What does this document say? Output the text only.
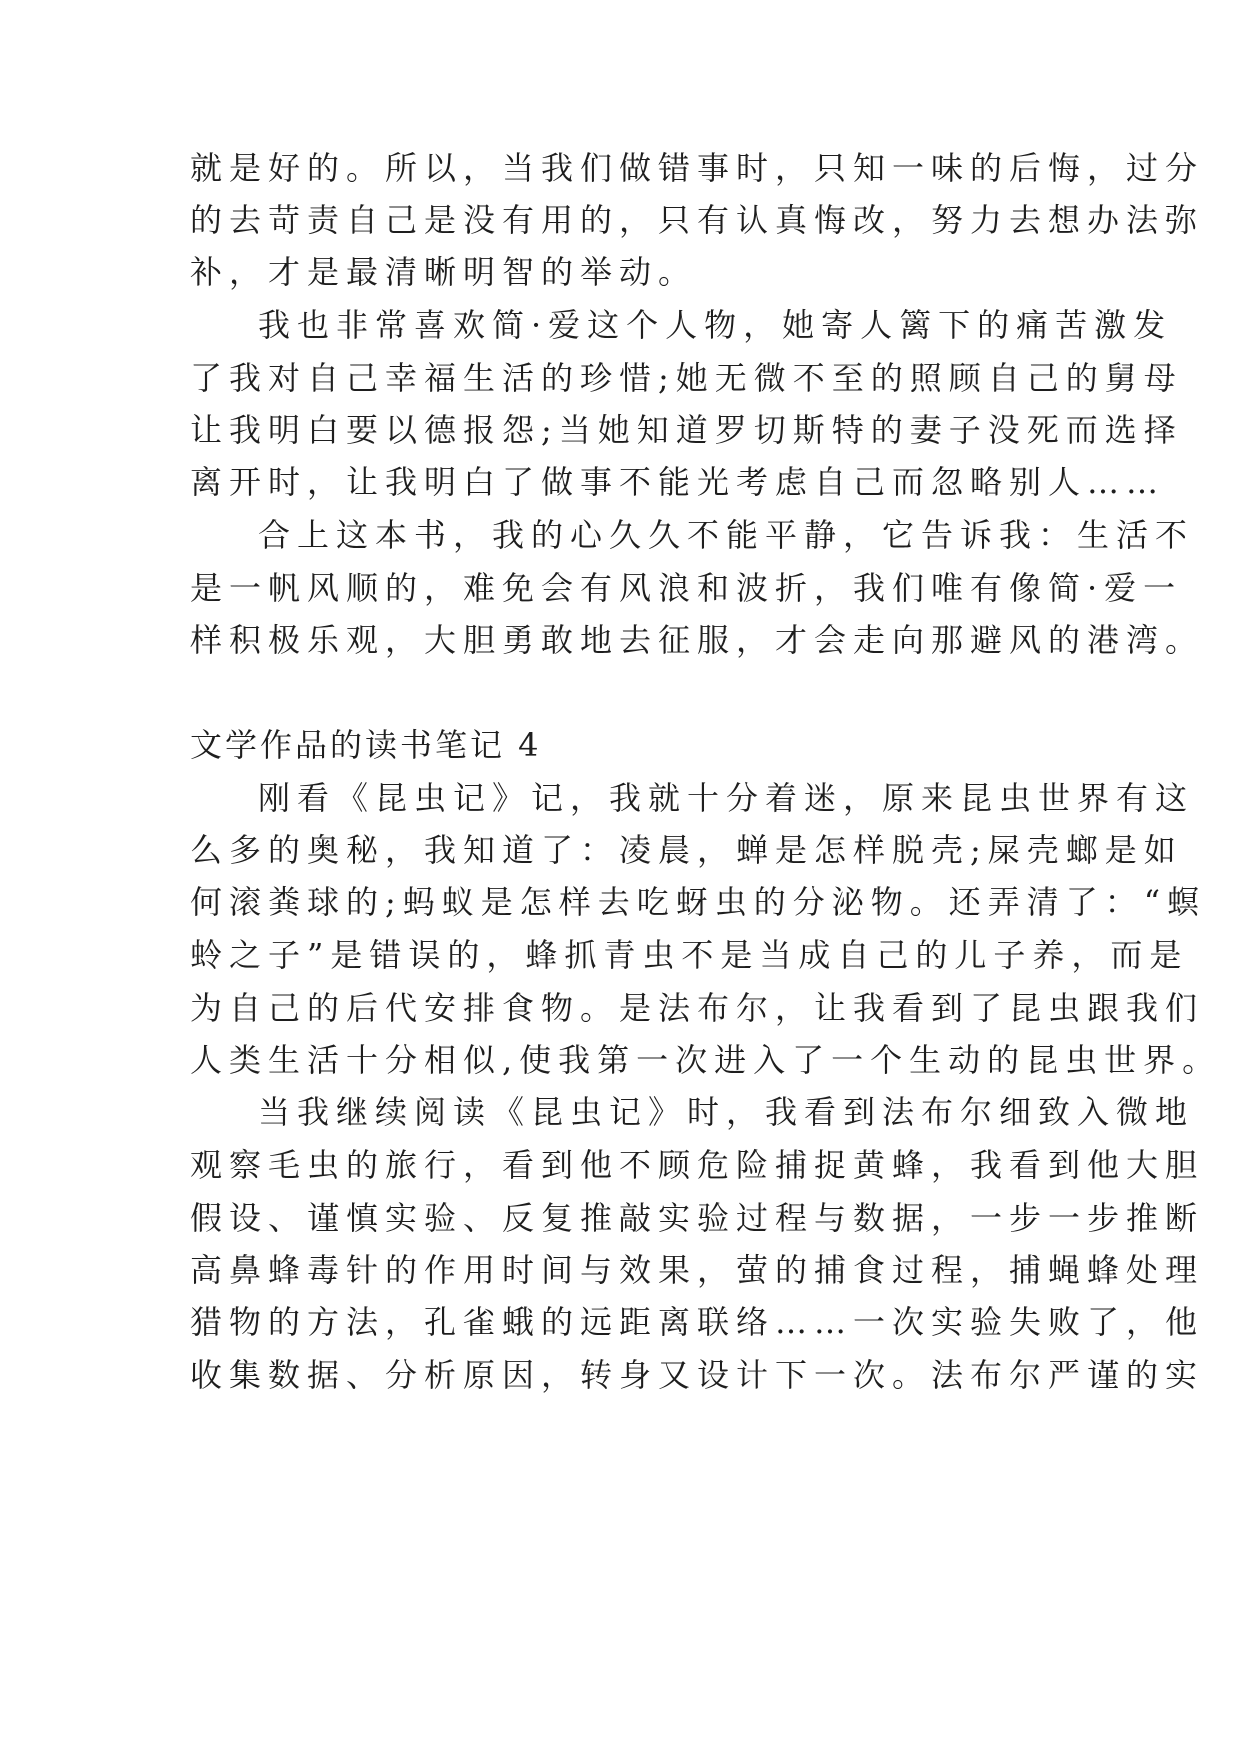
就是好的。所以，当我们做错事时，只知一味的后悔，过分
的去苛责自己是没有用的，只有认真悔改，努力去想办法弥
补，才是最清晰明智的举动。
我也非常喜欢简·爱这个人物，她寄人篱下的痛苦激发
了我对自己幸福生活的珍惜;她无微不至的照顾自己的舅母
让我明白要以德报怨;当她知道罗切斯特的妻子没死而选择
离开时，让我明白了做事不能光考虑自己而忽略别人……
合上这本书，我的心久久不能平静，它告诉我：生活不
是一帆风顺的，难免会有风浪和波折，我们唯有像简·爱一
样积极乐观，大胆勇敢地去征服，才会走向那避风的港湾。
文学作品的读书笔记 4
刚看《昆虫记》记，我就十分着迷，原来昆虫世界有这
么多的奥秘，我知道了：凌晨，蝉是怎样脱壳;屎壳螂是如
何滚粪球的;蚂蚁是怎样去吃蚜虫的分泌物。还弄清了：“螟
蛉之子”是错误的，蜂抓青虫不是当成自己的儿子养，而是
为自己的后代安排食物。是法布尔，让我看到了昆虫跟我们
人类生活十分相似,使我第一次进入了一个生动的昆虫世界。
当我继续阅读《昆虫记》时，我看到法布尔细致入微地
观察毛虫的旅行，看到他不顾危险捕捉黄蜂，我看到他大胆
假设、谨慎实验、反复推敲实验过程与数据，一步一步推断
高鼻蜂毒针的作用时间与效果，萤的捕食过程，捕蝇蜂处理
猎物的方法，孔雀蛾的远距离联络……一次实验失败了，他
收集数据、分析原因，转身又设计下一次。法布尔严谨的实
